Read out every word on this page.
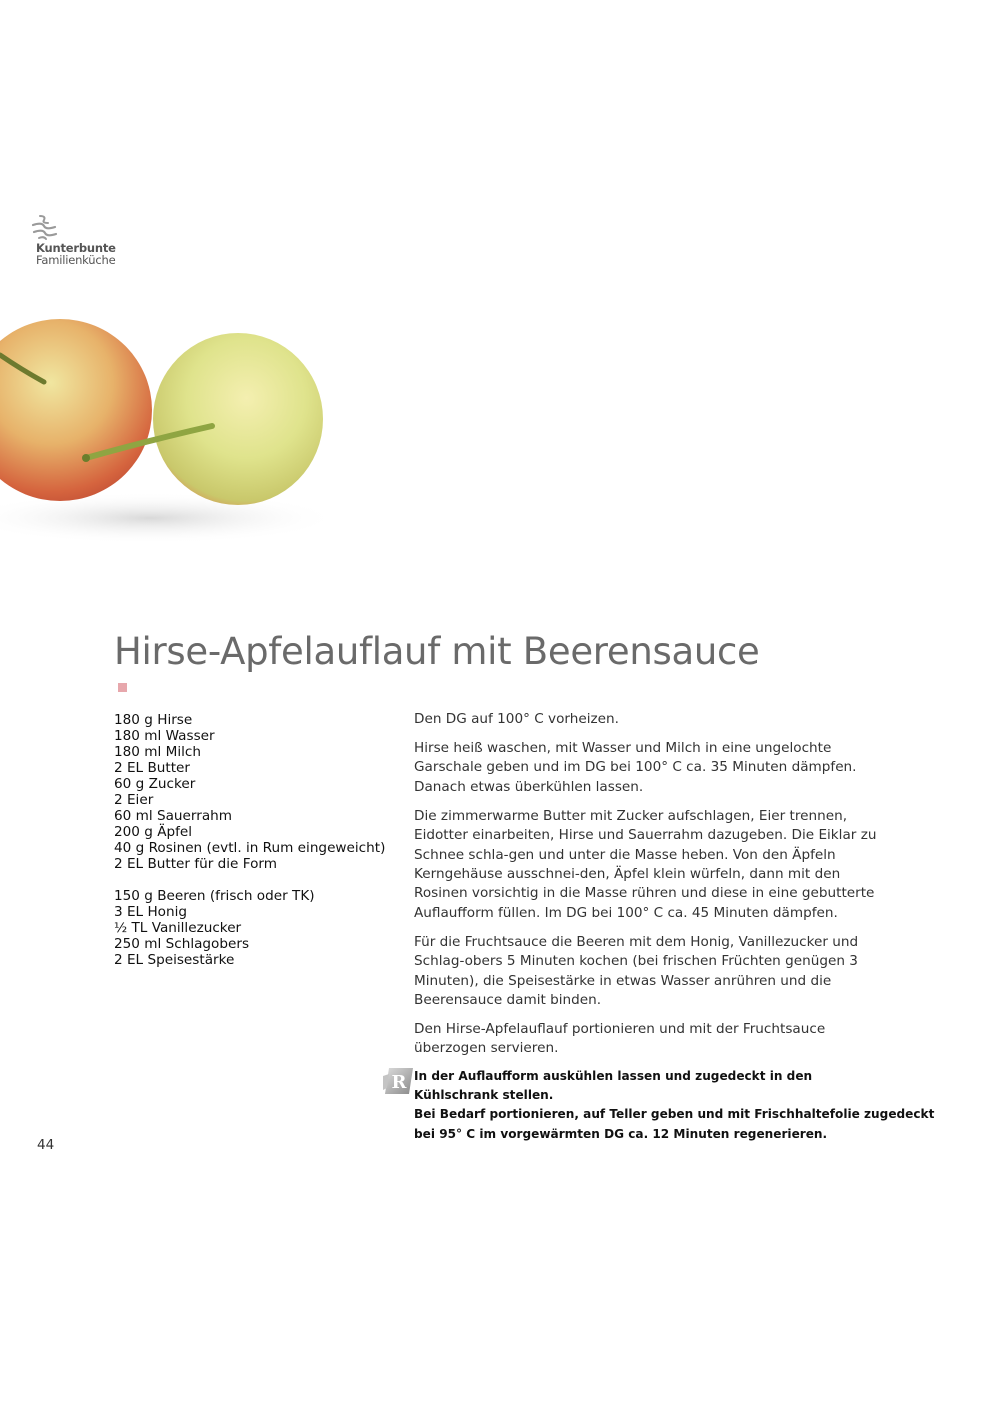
Kunterbunte
Familienküche
Hirse-Apfelauflauf mit Beerensauce
180 g Hirse
180 ml Wasser
180 ml Milch
2 EL Butter
60 g Zucker
2 Eier
60 ml Sauerrahm
200 g Äpfel
40 g Rosinen (evtl. in Rum eingeweicht)
2 EL Butter für die Form
150 g Beeren (frisch oder TK)
3 EL Honig
½ TL Vanillezucker
250 ml Schlagobers
2 EL Speisestärke

Den DG auf 100° C vorheizen.

Hirse heiß waschen, mit Wasser und Milch in eine ungelochte Garschale geben und im DG bei 100° C ca. 35 Minuten dämpfen. Danach etwas überkühlen lassen.

Die zimmerwarme Butter mit Zucker aufschlagen, Eier trennen, Eidotter einarbeiten, Hirse und Sauerrahm dazugeben. Die Eiklar zu Schnee schla-gen und unter die Masse heben. Von den Äpfeln Kerngehäuse ausschnei-den, Äpfel klein würfeln, dann mit den Rosinen vorsichtig in die Masse rühren und diese in eine gebutterte Auflaufform füllen. Im DG bei 100° C ca. 45 Minuten dämpfen.

Für die Fruchtsauce die Beeren mit dem Honig, Vanillezucker und Schlag-obers 5 Minuten kochen (bei frischen Früchten genügen 3 Minuten), die Speisestärke in etwas Wasser anrühren und die Beerensauce damit binden.

Den Hirse-Apfelauflauf portionieren und mit der Fruchtsauce überzogen servieren.

R In der Auflaufform auskühlen lassen und zugedeckt in den

Kühlschrank stellen.

Bei Bedarf portionieren, auf Teller geben und mit Frischhaltefolie zugedeckt

bei 95° C im vorgewärmten DG ca. 12 Minuten regenerieren.

44
